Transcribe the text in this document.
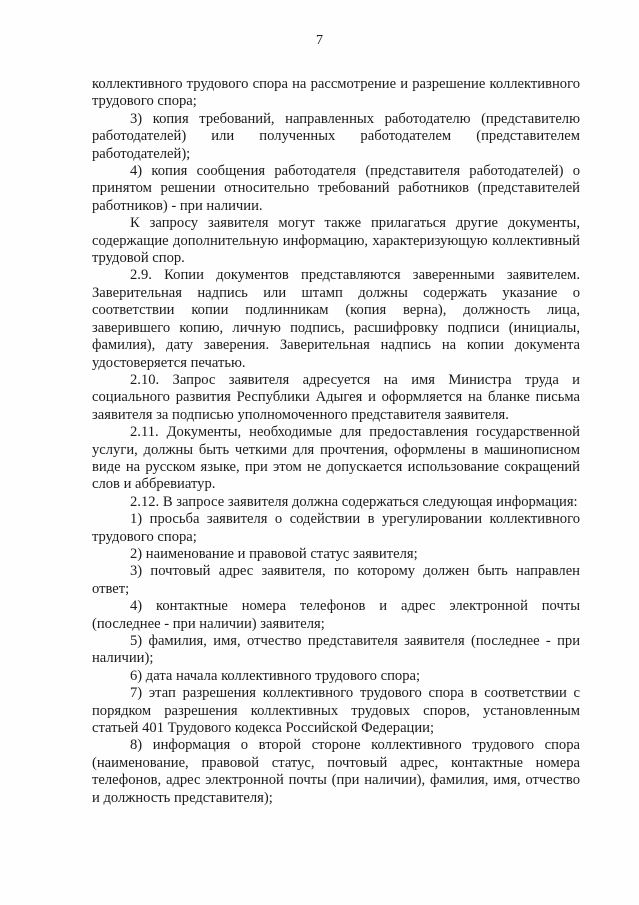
7

коллективного трудового спора на рассмотрение и разрешение коллективного трудового спора;

3) копия требований, направленных работодателю (представителю работодателей) или полученных работодателем (представителем работодателей);

4) копия сообщения работодателя (представителя работодателей) о принятом решении относительно требований работников (представителей работников) - при наличии.

К запросу заявителя могут также прилагаться другие документы, содержащие дополнительную информацию, характеризующую коллективный трудовой спор.

2.9. Копии документов представляются заверенными заявителем. Заверительная надпись или штамп должны содержать указание о соответствии копии подлинникам (копия верна), должность лица, заверившего копию, личную подпись, расшифровку подписи (инициалы, фамилия), дату заверения. Заверительная надпись на копии документа удостоверяется печатью.

2.10. Запрос заявителя адресуется на имя Министра труда и социального развития Республики Адыгея и оформляется на бланке письма заявителя за подписью уполномоченного представителя заявителя.

2.11. Документы, необходимые для предоставления государственной услуги, должны быть четкими для прочтения, оформлены в машинописном виде на русском языке, при этом не допускается использование сокращений слов и аббревиатур.

2.12. В запросе заявителя должна содержаться следующая информация:

1) просьба заявителя о содействии в урегулировании коллективного трудового спора;

2) наименование и правовой статус заявителя;

3) почтовый адрес заявителя, по которому должен быть направлен ответ;

4) контактные номера телефонов и адрес электронной почты (последнее - при наличии) заявителя;

5) фамилия, имя, отчество представителя заявителя (последнее - при наличии);

6) дата начала коллективного трудового спора;

7) этап разрешения коллективного трудового спора в соответствии с порядком разрешения коллективных трудовых споров, установленным статьей 401 Трудового кодекса Российской Федерации;

8) информация о второй стороне коллективного трудового спора (наименование, правовой статус, почтовый адрес, контактные номера телефонов, адрес электронной почты (при наличии), фамилия, имя, отчество и должность представителя);
